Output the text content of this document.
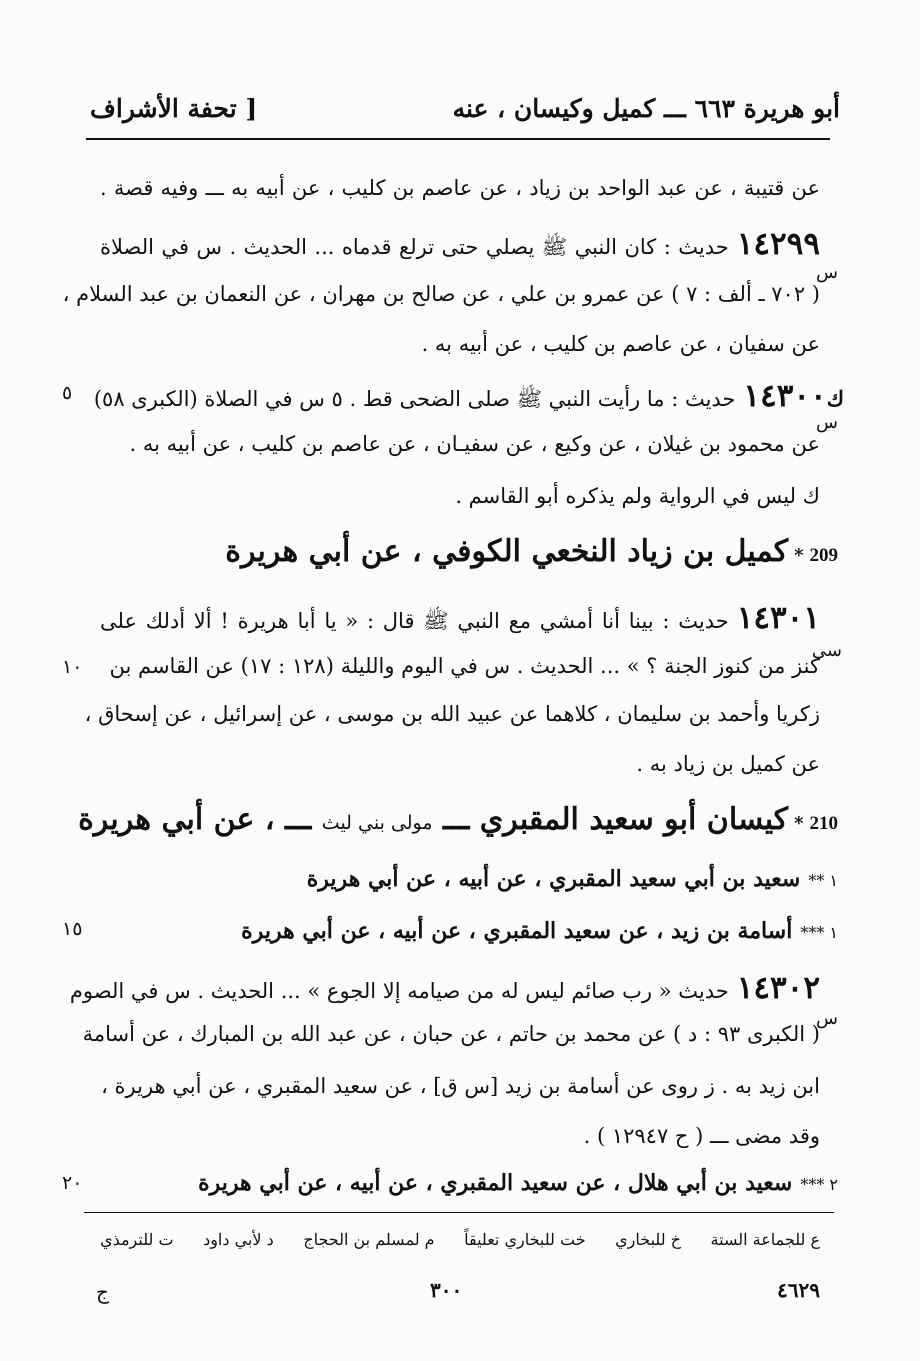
أبو هريرة ٦٦٣ ـــ كميل وكيسان ، عنه
[ تحفة الأشراف
عن قتيبة ، عن عبد الواحد بن زياد ، عن عاصم بن كليب ، عن أبيه به ـــ وفيه قصة .
١٤٢٩٩حديث : كان النبي ﷺ يصلي حتى ترلع قدماه ... الحديث . س في الصلاة
س
( ٧٠٢ ـ ألف : ٧ ) عن عمرو بن علي ، عن صالح بن مهران ، عن النعمان بن عبد السلام ،
عن سفيان ، عن عاصم بن كليب ، عن أبيه به .
ك١٤٣٠٠حديث : ما رأيت النبي ﷺ صلى الضحى قط . ٥ س في الصلاة (الكبرى ٥٨)
٥
س
عن محمود بن غيلان ، عن وكيع ، عن سفيـان ، عن عاصم بن كليب ، عن أبيه به .
ك ليس في الرواية ولم يذكره أبو القاسم .
209*كميل بن زياد النخعي الكوفي ، عن أبي هريرة
١٤٣٠١حديث : بينا أنا أمشي مع النبي ﷺ قال : « يا أبا هريرة ! ألا أدلك على
سي
كنز من كنوز الجنة ؟ » ... الحديث . س في اليوم والليلة (١٢٨ : ١٧) عن القاسم بن
١٠
زكريا وأحمد بن سليمان ، كلاهما عن عبيد الله بن موسى ، عن إسرائيل ، عن إسحاق ،
عن كميل بن زياد به .
210*كيسان أبو سعيد المقبري ـــ مولى بني ليث ـــ ، عن أبي هريرة
١ **سعيد بن أبي سعيد المقبري ، عن أبيه ، عن أبي هريرة
١ ***أسامة بن زيد ، عن سعيد المقبري ، عن أبيه ، عن أبي هريرة
١٥
١٤٣٠٢حديث « رب صائم ليس له من صيامه إلا الجوع » ... الحديث . س في الصوم
س
( الكبرى ٩٣ : د ) عن محمد بن حاتم ، عن حبان ، عن عبد الله بن المبارك ، عن أسامة
ابن زيد به . ز روى عن أسامة بن زيد [س ق] ، عن سعيد المقبري ، عن أبي هريرة ،
وقد مضى ـــ ( ح ١٢٩٤٧ ) .
٢ ***سعيد بن أبي هلال ، عن سعيد المقبري ، عن أبيه ، عن أبي هريرة
٢٠
ع للجماعة الستة
خ للبخاري
خت للبخاري تعليقاً
م لمسلم بن الحجاج
د لأبي داود
ت للترمذي
ج	٣٠٠	٤٦٢٩
